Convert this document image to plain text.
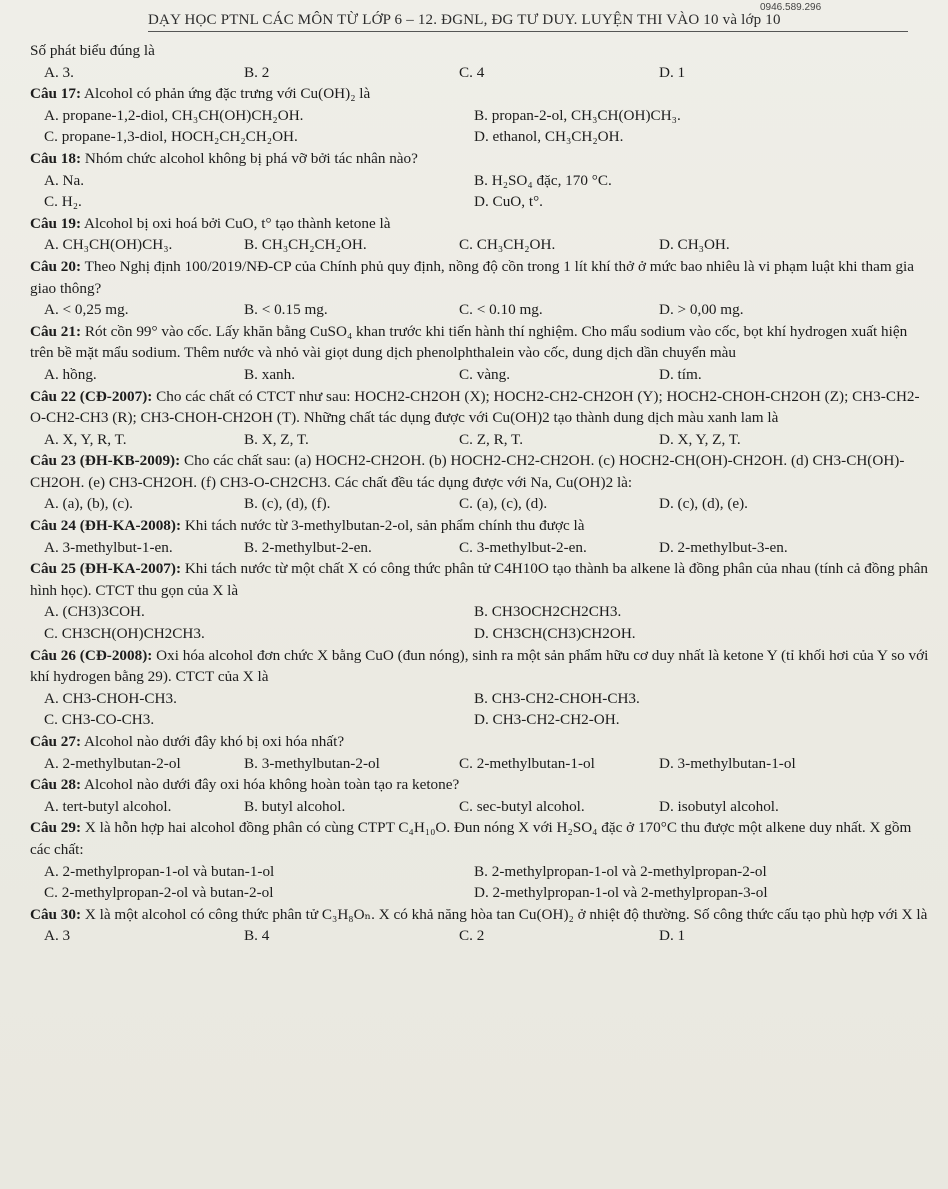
0946.589.296
DẠY HỌC PTNL CÁC MÔN TỪ LỚP 6 – 12. ĐGNL, ĐG TƯ DUY. LUYỆN THI VÀO 10 và lớp 10

Số phát biểu đúng là

A. 3.	B. 2	C. 4	D. 1

Câu 17: Alcohol có phản ứng đặc trưng với Cu(OH)₂ là

A. propane-1,2-diol, CH₃CH(OH)CH₂OH.	B. propan-2-ol, CH₃CH(OH)CH₃.
C. propane-1,3-diol, HOCH₂CH₂CH₂OH.	D. ethanol, CH₃CH₂OH.

Câu 18: Nhóm chức alcohol không bị phá vỡ bởi tác nhân nào?

A. Na.	B. H₂SO₄ đặc, 170 °C.
C. H₂.	D. CuO, t°.

Câu 19: Alcohol bị oxi hoá bởi CuO, t° tạo thành ketone là

A. CH₃CH(OH)CH₃.	B. CH₃CH₂CH₂OH.	C. CH₃CH₂OH.	D. CH₃OH.

Câu 20: Theo Nghị định 100/2019/NĐ-CP của Chính phủ quy định, nồng độ cồn trong 1 lít khí thở ở mức bao nhiêu là vi phạm luật khi tham gia giao thông?

A. < 0,25 mg.	B. < 0.15 mg.	C. < 0.10 mg.	D. > 0,00 mg.

Câu 21: Rót cồn 99° vào cốc. Lấy khăn bằng CuSO₄ khan trước khi tiến hành thí nghiệm. Cho mẩu sodium vào cốc, bọt khí hydrogen xuất hiện trên bề mặt mẩu sodium. Thêm nước và nhỏ vài giọt dung dịch phenolphthalein vào cốc, dung dịch dần chuyển màu

A. hồng.	B. xanh.	C. vàng.	D. tím.

Câu 22 (CĐ-2007): Cho các chất có CTCT như sau: HOCH2-CH2OH (X); HOCH2-CH2-CH2OH (Y); HOCH2-CHOH-CH2OH (Z); CH3-CH2-O-CH2-CH3 (R); CH3-CHOH-CH2OH (T). Những chất tác dụng được với Cu(OH)2 tạo thành dung dịch màu xanh lam là

A. X, Y, R, T.	B. X, Z, T.	C. Z, R, T.	D. X, Y, Z, T.

Câu 23 (ĐH-KB-2009): Cho các chất sau: (a) HOCH2-CH2OH. (b) HOCH2-CH2-CH2OH. (c) HOCH2-CH(OH)-CH2OH. (d) CH3-CH(OH)-CH2OH. (e) CH3-CH2OH. (f) CH3-O-CH2CH3. Các chất đều tác dụng được với Na, Cu(OH)2 là:

A. (a), (b), (c).	B. (c), (d), (f).	C. (a), (c), (d).	D. (c), (d), (e).

Câu 24 (ĐH-KA-2008): Khi tách nước từ 3-methylbutan-2-ol, sản phẩm chính thu được là

A. 3-methylbut-1-en.	B. 2-methylbut-2-en.	C. 3-methylbut-2-en.	D. 2-methylbut-3-en.

Câu 25 (ĐH-KA-2007): Khi tách nước từ một chất X có công thức phân tử C4H10O tạo thành ba alkene là đồng phân của nhau (tính cả đồng phân hình học). CTCT thu gọn của X là

A. (CH3)3COH.	B. CH3OCH2CH2CH3.
C. CH3CH(OH)CH2CH3.	D. CH3CH(CH3)CH2OH.

Câu 26 (CĐ-2008): Oxi hóa alcohol đơn chức X bằng CuO (đun nóng), sinh ra một sản phẩm hữu cơ duy nhất là ketone Y (tỉ khối hơi của Y so với khí hydrogen bằng 29). CTCT của X là

A. CH3-CHOH-CH3.	B. CH3-CH2-CHOH-CH3.
C. CH3-CO-CH3.	D. CH3-CH2-CH2-OH.

Câu 27: Alcohol nào dưới đây khó bị oxi hóa nhất?

A. 2-methylbutan-2-ol	B. 3-methylbutan-2-ol	C. 2-methylbutan-1-ol	D. 3-methylbutan-1-ol

Câu 28: Alcohol nào dưới đây oxi hóa không hoàn toàn tạo ra ketone?

A. tert-butyl alcohol.	B. butyl alcohol.	C. sec-butyl alcohol.	D. isobutyl alcohol.

Câu 29: X là hỗn hợp hai alcohol đồng phân có cùng CTPT C₄H₁₀O. Đun nóng X với H₂SO₄ đặc ở 170°C thu được một alkene duy nhất. X gồm các chất:

A. 2-methylpropan-1-ol và butan-1-ol	B. 2-methylpropan-1-ol và 2-methylpropan-2-ol
C. 2-methylpropan-2-ol và butan-2-ol	D. 2-methylpropan-1-ol và 2-methylpropan-3-ol

Câu 30: X là một alcohol có công thức phân tử C₃H₈Oₙ. X có khả năng hòa tan Cu(OH)₂ ở nhiệt độ thường. Số công thức cấu tạo phù hợp với X là

A. 3	B. 4	C. 2	D. 1
